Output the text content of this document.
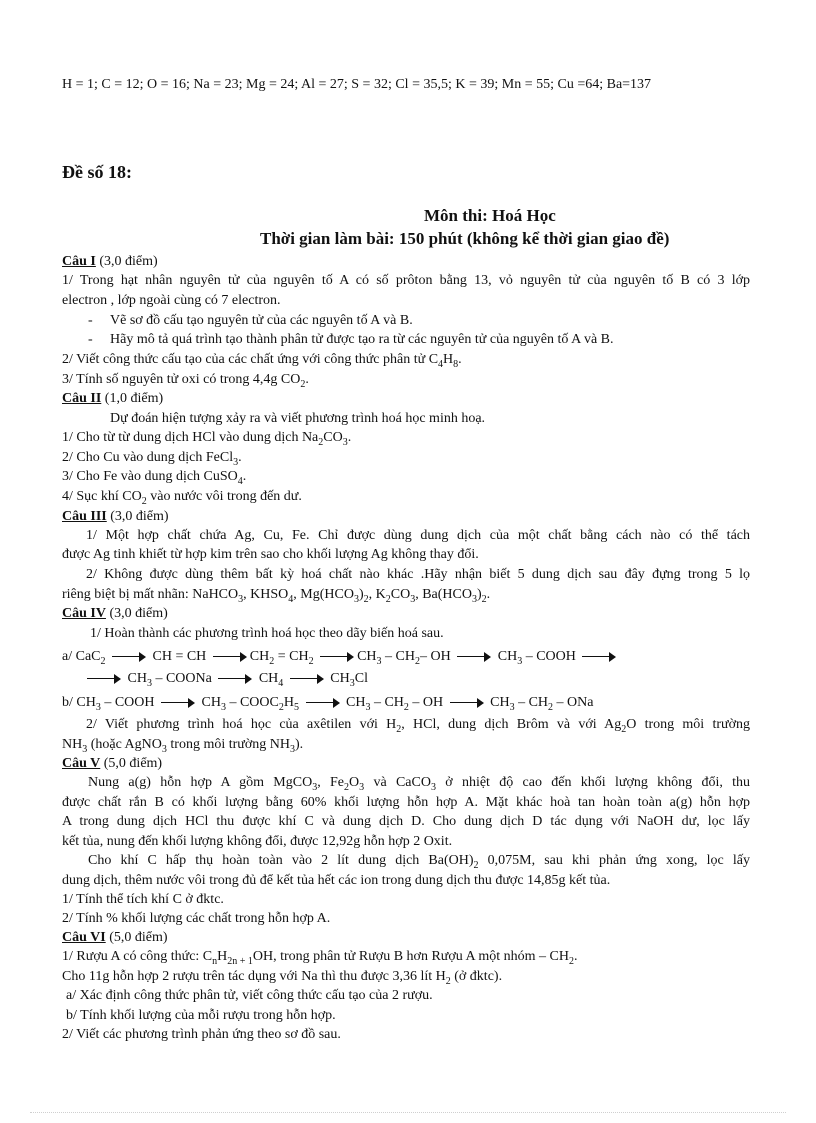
H = 1; C = 12; O = 16; Na = 23; Mg = 24; Al = 27; S = 32; Cl = 35,5; K = 39; Mn = 55; Cu =64; Ba=137
Đề số 18:
Môn thi: Hoá Học
Thời gian làm bài: 150 phút (không kể thời gian giao đề)
Câu I (3,0 điểm)
1/ Trong hạt nhân nguyên tử của nguyên tố A có số prôton bằng 13, vỏ nguyên tử của nguyên tố B có 3 lớp
electron , lớp ngoài cùng có 7 electron.
- Vẽ sơ đồ cấu tạo nguyên tử của các nguyên tố A và B.
- Hãy mô tả quá trình tạo thành phân tử được tạo ra từ các nguyên tử của nguyên tố A và B.
2/ Viết công thức cấu tạo của các chất ứng với công thức phân tử $C_4H_8$.
3/ Tính số nguyên tử oxi có trong 4,4g $CO_2$.
Câu II (1,0 điểm)
Dự đoán hiện tượng xảy ra và viết phương trình hoá học minh hoạ.
1/ Cho từ từ dung dịch HCl vào dung dịch $Na_2CO_3$.
2/ Cho Cu vào dung dịch FeCl$_3$.
3/ Cho Fe vào dung dịch CuSO$_4$.
4/ Sục khí $CO_2$ vào nước vôi trong đến dư.
Câu III (3,0 điểm)
1/ Một hợp chất chứa Ag, Cu, Fe. Chỉ được dùng dung dịch của một chất bằng cách nào có thể tách
được Ag tinh khiết từ hợp kim trên sao cho khối lượng Ag không thay đổi.
2/ Không được dùng thêm bất kỳ hoá chất nào khác .Hãy nhận biết 5 dung dịch sau đây đựng trong 5 lọ
riêng biệt bị mất nhãn: NaHCO$_3$, $KHSO_4$, $Mg(HCO_3)_2$, $K_2CO_3$, $Ba(HCO_3)_2$.
Câu IV (3,0 điểm)
1/ Hoàn thành các phương trình hoá học theo dãy biến hoá sau.
a/ CaC$_2$	CH = CH	$CH_2 = CH_2$	$CH_3 - CH_2-$ OH	$CH_3$ – COOH
$CH_3$ – COONa	$CH_4$	$CH_3Cl$
b/ $CH_3$ – COOH	$CH_3$ – $COOC_2H_5$	$CH_3 - CH_2$ – OH	$CH_3 - CH_2$ – ONa
2/ Viết phương trình hoá học của axêtilen với $H_2$, HCl, dung dịch Brôm và với $Ag_2O$ trong môi trường
$NH_3$ (hoặc AgNO$_3$ trong môi trường $NH_3$).
Câu V (5,0 điểm)
Nung a(g) hỗn hợp A gồm MgCO$_3$, $Fe_2O_3$ và CaCO$_3$ ở nhiệt độ cao đến khối lượng không đổi, thu
được chất rắn B có khối lượng bằng 60% khối lượng hỗn hợp A. Mặt khác hoà tan hoàn toàn a(g) hỗn hợp
A trong dung dịch HCl thu được khí C và dung dịch D. Cho dung dịch D tác dụng với NaOH dư, lọc lấy
kết tủa, nung đến khối lượng không đổi, được 12,92g hỗn hợp 2 Oxit.
Cho khí C hấp thụ hoàn toàn vào 2 lít dung dịch $Ba(OH)_2$ 0,075M, sau khi phản ứng xong, lọc lấy
dung dịch, thêm nước vôi trong đủ để kết tủa hết các ion trong dung dịch thu được 14,85g kết tủa.
1/ Tính thể tích khí C ở đktc.
2/ Tính % khối lượng các chất trong hỗn hợp A.
Câu VI (5,0 điểm)
1/ Rượu A có công thức: $C_nH_{2n + 1}OH$, trong phân tử Rượu B hơn Rượu A một nhóm – $CH_2$.
Cho 11g hỗn hợp 2 rượu trên tác dụng với Na thì thu được 3,36 lít $H_2$ (ở đktc).
a/ Xác định công thức phân tử, viết công thức cấu tạo của 2 rượu.
b/ Tính khối lượng của mỗi rượu trong hỗn hợp.
2/ Viết các phương trình phản ứng theo sơ đồ sau.
